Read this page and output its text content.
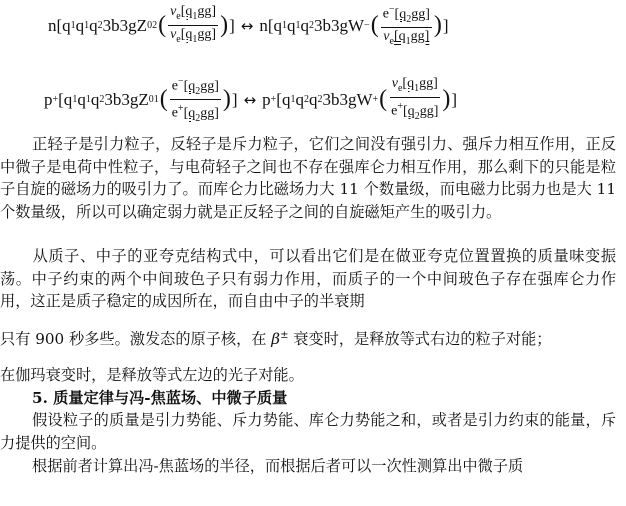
n[q 1 q 1 q 2 3b3gZ 02 ( $\frac{\nu_e[q_1gg]}{\nu_e[q_1gg]}$ ) ] ↔ n[q 1 q 1 q 2 3b3gW − ( $\frac{e^-[q_2gg]}{\nu_e[q_1gg]}$ ) ]
p + [q 1 q 1 q 2 3b3gZ 01 ( $\frac{e^-[q_2gg]}{e^+[q_2gg]}$ ) ] ↔ p + [q 1 q 2 q 2 3b3gW + ( $\frac{\nu_e[q_1gg]}{e^+[q_2gg]}$ ) ]

正轻子是引力粒子，反轻子是斥力粒子，它们之间没有强引力、强斥力相互作用，正反中微子是电荷中性粒子，与电荷轻子之间也不存在强库仑力相互作用，那么剩下的只能是粒子自旋的磁场力的吸引力了。而库仑力比磁场力大 11 个数量级，而电磁力比弱力也是大 11 个数量级，所以可以确定弱力就是正反轻子之间的自旋磁矩产生的吸引力。

从质子、中子的亚夸克结构式中，可以看出它们是在做亚夸克位置置换的质量味变振荡。中子约束的两个中间玻色子只有弱力作用，而质子的一个中间玻色子存在强库仑力作用，这正是质子稳定的成因所在，而自由中子的半衰期

只有 900 秒多些。激发态的原子核，在 β± 衰变时，是释放等式右边的粒子对能；

在伽玛衰变时，是释放等式左边的光子对能。

5. 质量定律与冯-焦蓝场、中微子质量

假设粒子的质量是引力势能、斥力势能、库仑力势能之和，或者是引力约束的能量，斥力提供的空间。

根据前者计算出冯-焦蓝场的半径，而根据后者可以一次性测算出中微子质
